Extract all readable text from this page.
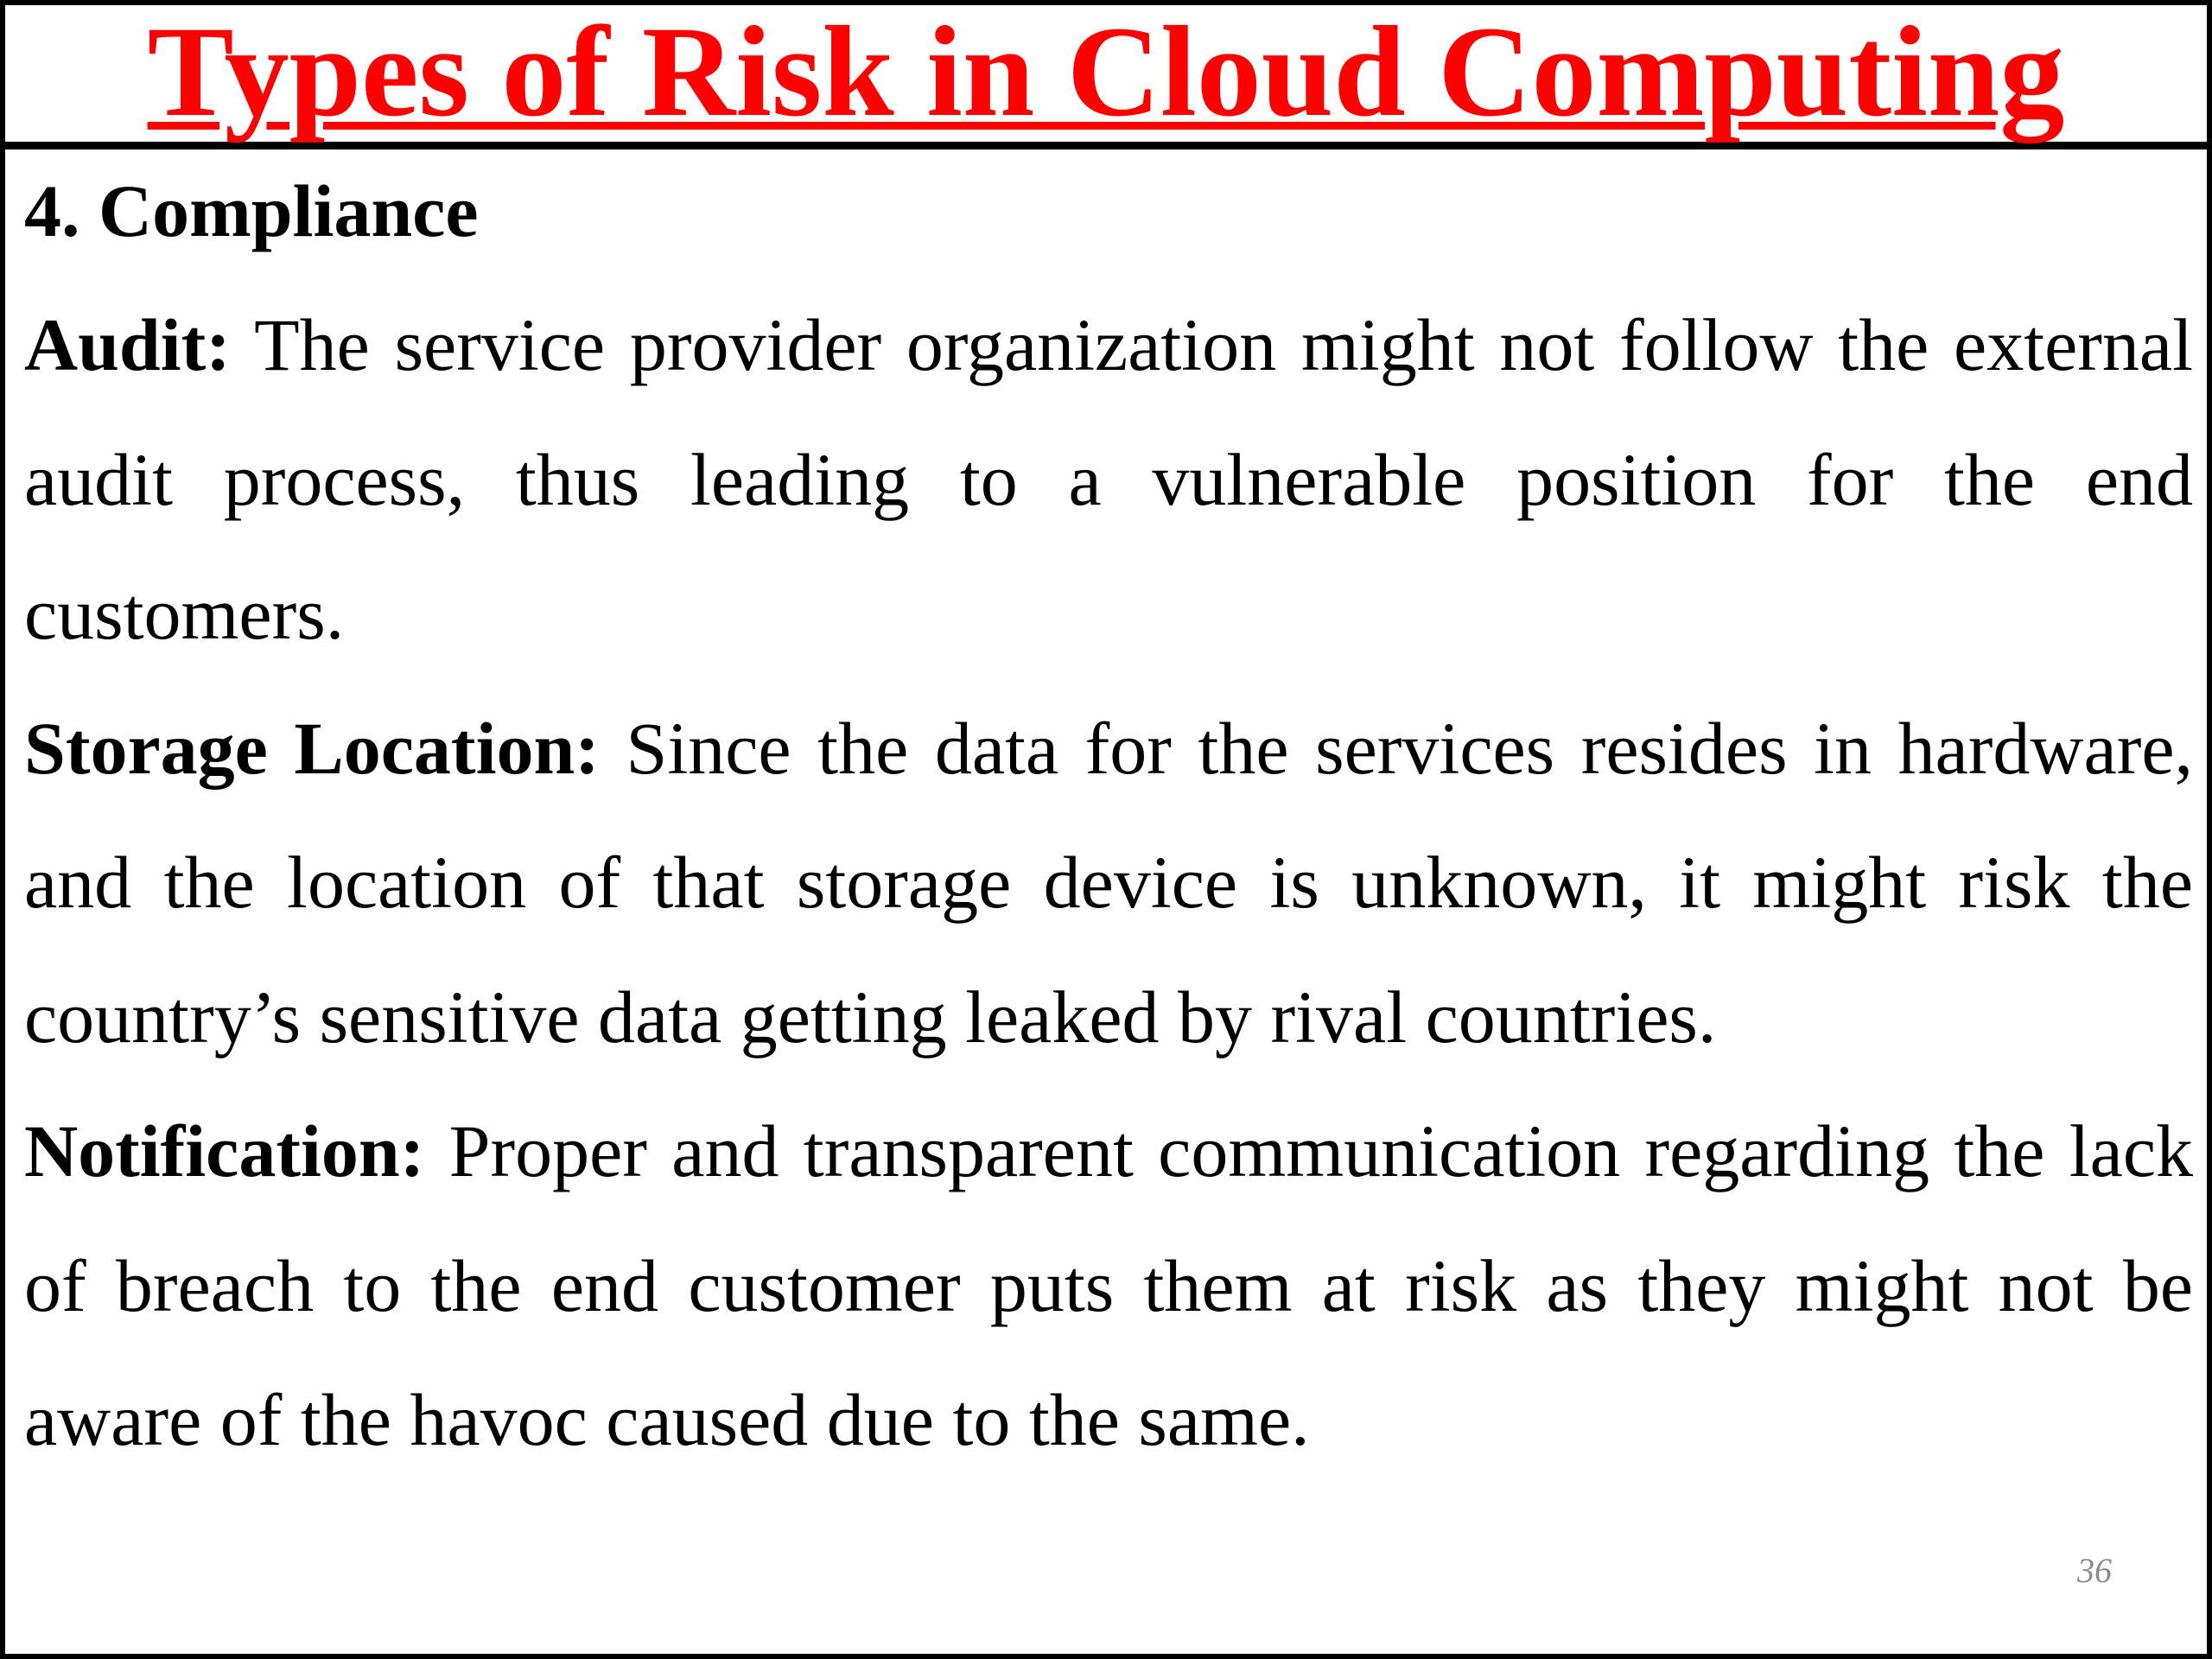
Types of Risk in Cloud Computing
4. Compliance

Audit: The service provider organization might not follow the external audit process, thus leading to a vulnerable position for the end customers.

Storage Location: Since the data for the services resides in hardware, and the location of that storage device is unknown, it might risk the country’s sensitive data getting leaked by rival countries.

Notification: Proper and transparent communication regarding the lack of breach to the end customer puts them at risk as they might not be aware of the havoc caused due to the same.

36
